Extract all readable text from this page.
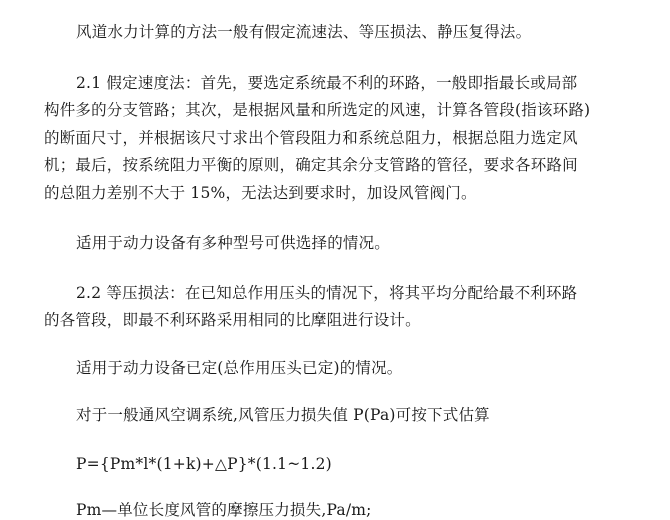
风道水力计算的方法一般有假定流速法、等压损法、静压复得法。
2.1 假定速度法：首先，要选定系统最不利的环路，一般即指最长或局部
构件多的分支管路；其次，是根据风量和所选定的风速，计算各管段(指该环路)
的断面尺寸，并根据该尺寸求出个管段阻力和系统总阻力，根据总阻力选定风
机；最后，按系统阻力平衡的原则，确定其余分支管路的管径，要求各环路间
的总阻力差别不大于 15%，无法达到要求时，加设风管阀门。
适用于动力设备有多种型号可供选择的情况。
2.2 等压损法：在已知总作用压头的情况下，将其平均分配给最不利环路
的各管段，即最不利环路采用相同的比摩阻进行设计。
适用于动力设备已定(总作用压头已定)的情况。
对于一般通风空调系统,风管压力损失值 P(Pa)可按下式估算
P={Pm*l*(1+k)+△P}*(1.1~1.2)
Pm—单位长度风管的摩擦压力损失,Pa/m;
